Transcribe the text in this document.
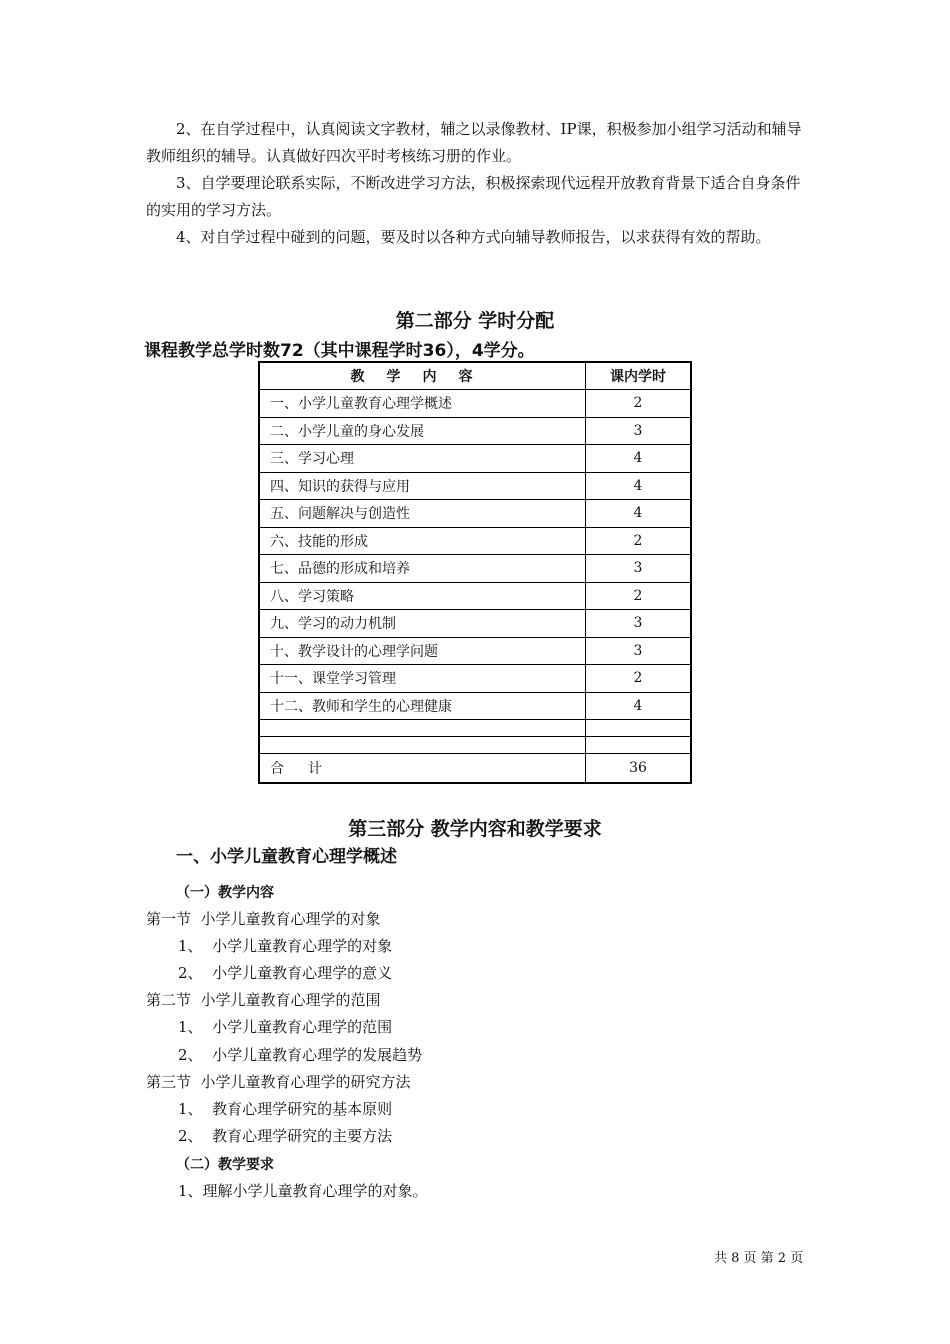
2、在自学过程中，认真阅读文字教材，辅之以录像教材、IP课，积极参加小组学习活动和辅导教师组织的辅导。认真做好四次平时考核练习册的作业。

3、自学要理论联系实际，不断改进学习方法，积极探索现代远程开放教育背景下适合自身条件的实用的学习方法。

4、对自学过程中碰到的问题，要及时以各种方式向辅导教师报告，以求获得有效的帮助。

第二部分 学时分配

课程教学总学时数72（其中课程学时36），4学分。

教学内容	课内学时
一、小学儿童教育心理学概述	2
二、小学儿童的身心发展	3
三、学习心理	4
四、知识的获得与应用	4
五、问题解决与创造性	4
六、技能的形成	2
七、品德的形成和培养	3
八、学习策略	2
九、学习的动力机制	3
十、教学设计的心理学问题	3
十一、课堂学习管理	2
十二、教师和学生的心理健康	4

合计	36

第三部分 教学内容和教学要求

一、小学儿童教育心理学概述

（一）教学内容

第一节  小学儿童教育心理学的对象

1、  小学儿童教育心理学的对象

2、  小学儿童教育心理学的意义

第二节  小学儿童教育心理学的范围

1、  小学儿童教育心理学的范围

2、  小学儿童教育心理学的发展趋势

第三节  小学儿童教育心理学的研究方法

1、  教育心理学研究的基本原则

2、  教育心理学研究的主要方法

（二）教学要求

1、理解小学儿童教育心理学的对象。

共 8 页 第 2 页
